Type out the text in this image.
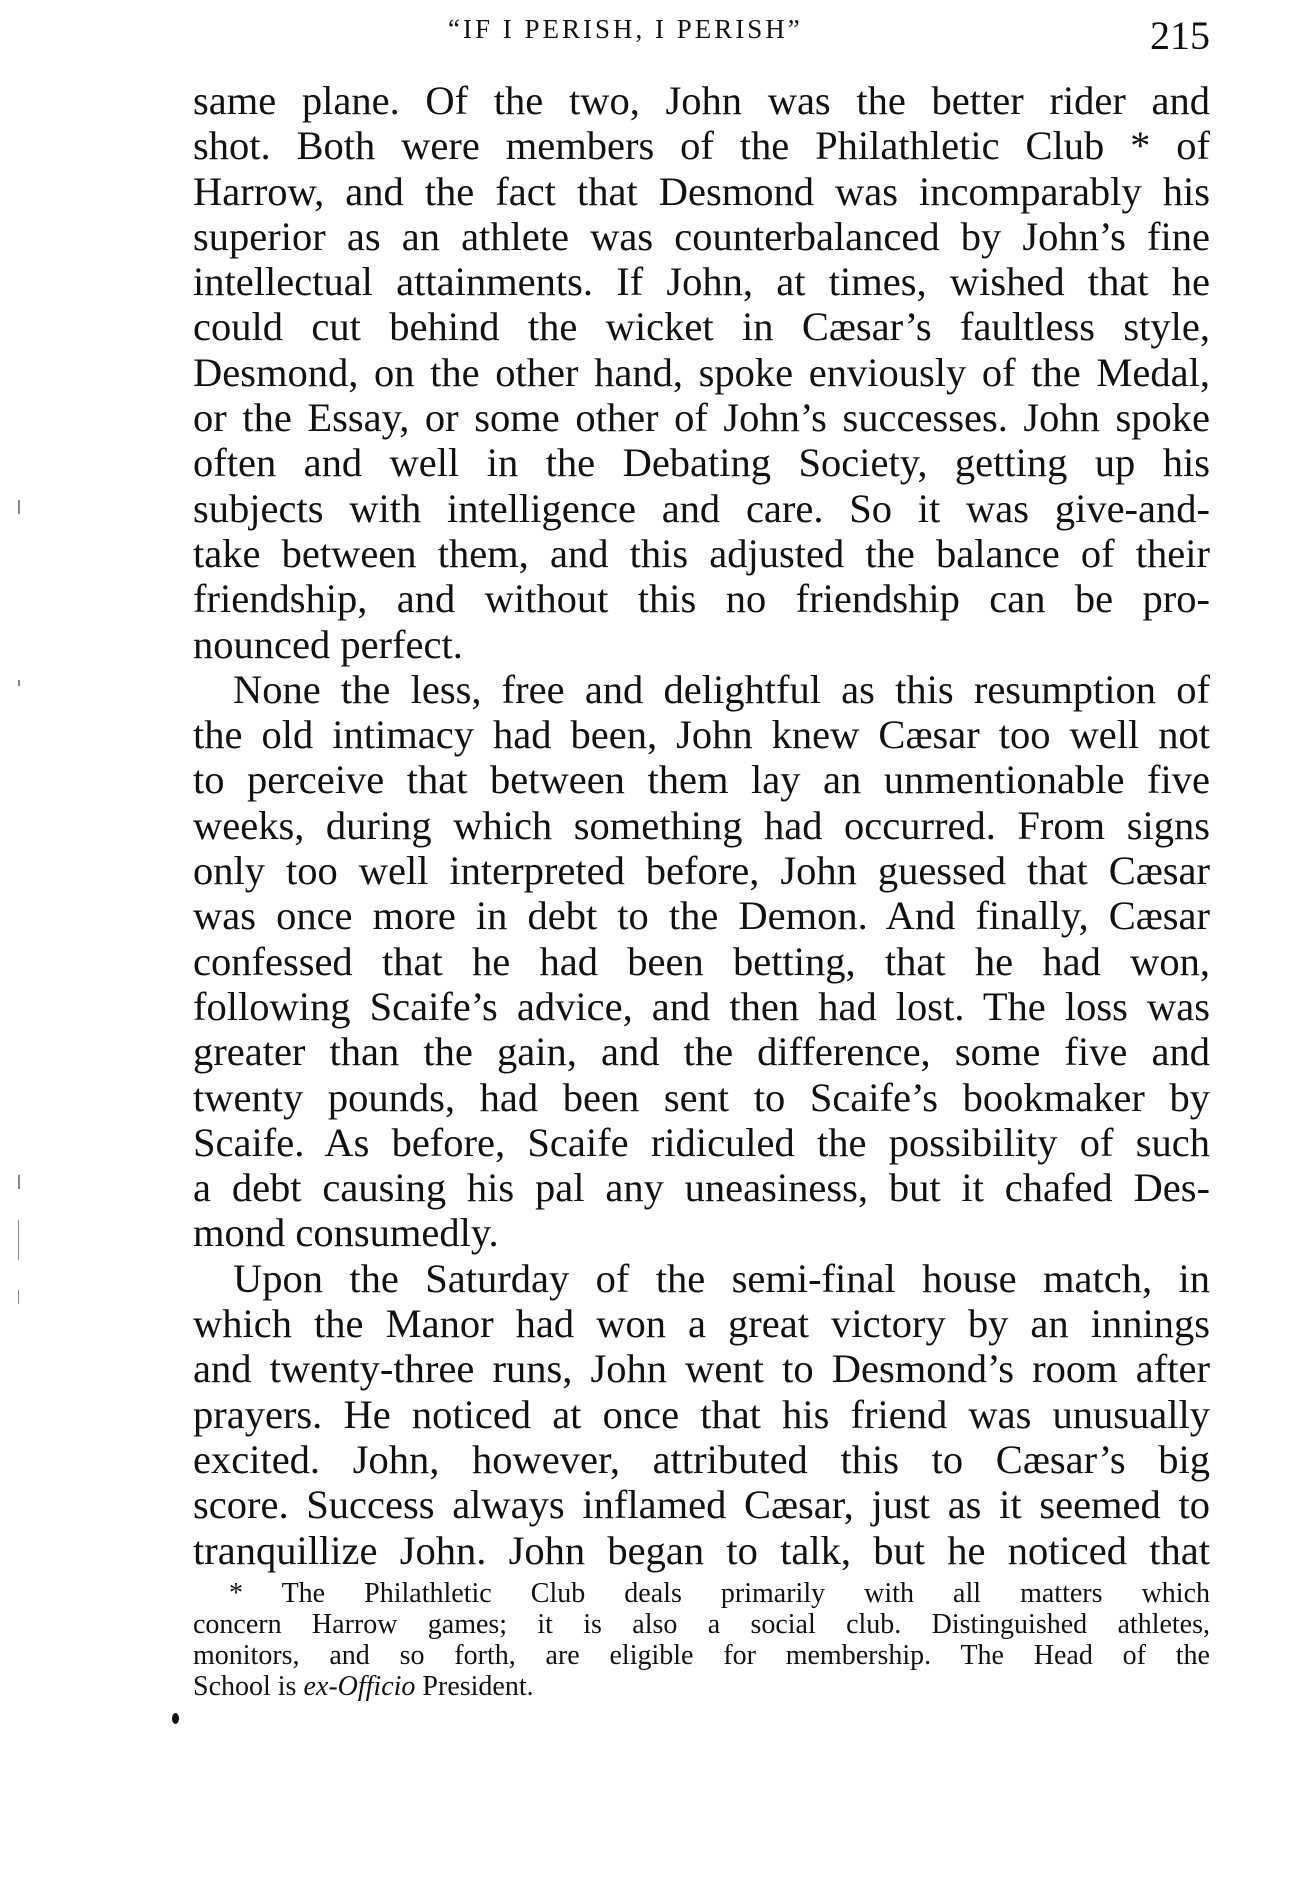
“IF I PERISH, I PERISH”	215
same plane. Of the two, John was the better rider and
shot. Both were members of the Philathletic Club * of
Harrow, and the fact that Desmond was incomparably his
superior as an athlete was counterbalanced by John’s fine
intellectual attainments. If John, at times, wished that he
could cut behind the wicket in Cæsar’s faultless style,
Desmond, on the other hand, spoke enviously of the Medal,
or the Essay, or some other of John’s successes. John spoke
often and well in the Debating Society, getting up his
subjects with intelligence and care. So it was give-and-
take between them, and this adjusted the balance of their
friendship, and without this no friendship can be pro-
nounced perfect.
None the less, free and delightful as this resumption of
the old intimacy had been, John knew Cæsar too well not
to perceive that between them lay an unmentionable five
weeks, during which something had occurred. From signs
only too well interpreted before, John guessed that Cæsar
was once more in debt to the Demon. And finally, Cæsar
confessed that he had been betting, that he had won,
following Scaife’s advice, and then had lost. The loss was
greater than the gain, and the difference, some five and
twenty pounds, had been sent to Scaife’s bookmaker by
Scaife. As before, Scaife ridiculed the possibility of such
a debt causing his pal any uneasiness, but it chafed Des-
mond consumedly.
Upon the Saturday of the semi-final house match, in
which the Manor had won a great victory by an innings
and twenty-three runs, John went to Desmond’s room after
prayers. He noticed at once that his friend was unusually
excited. John, however, attributed this to Cæsar’s big
score. Success always inflamed Cæsar, just as it seemed to
tranquillize John. John began to talk, but he noticed that
* The Philathletic Club deals primarily with all matters which
concern Harrow games; it is also a social club. Distinguished athletes,
monitors, and so forth, are eligible for membership. The Head of the
School is ex-Officio President.
